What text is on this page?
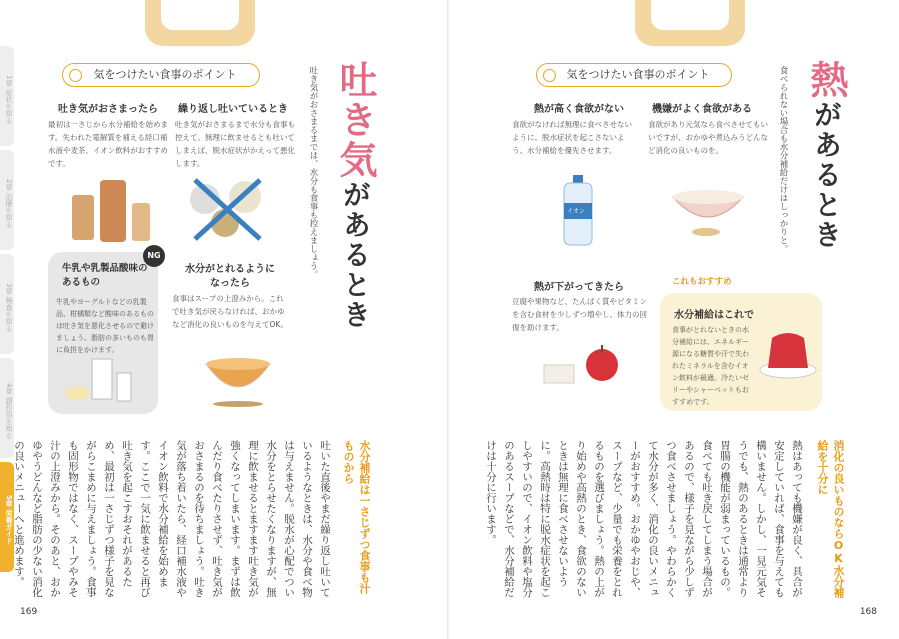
1章 症状を知る
2章 治療を知る
3章 検査を知る
4章 副作用を知る
5章 栄養ガイド
気をつけたい食事のポイント
吐き気がおさまったら
最初は一さじから水分補給を始めます。失われた電解質を補える経口補水液や麦茶、イオン飲料がおすすめです。
繰り返し吐いているとき
吐き気がおさまるまで水分も食事も控えて。無理に飲ませるとも吐いてしまえば、脱水症状がかえって悪化します。
NG
牛乳や乳製品酸味のあるもの
牛乳やヨーグルトなどの乳製品、柑橘類など酸味のあるものは吐き気を悪化させるので避けましょう。脂肪の多いものも胃に負担をかけます。
水分がとれるようになったら
食事はスープの上澄みから。これで吐き気が戻らなければ、おかゆなど消化の良いものを与えてOK。
吐き気があるとき
吐き気がおさまるまでは、水分も食事も控えましょう。
水分補給は一さじずつ食事も汁ものから
吐いた直後やまだ繰り返し吐いているようなときは、水分や食べ物は与えません。脱水が心配でつい水分をとらせたくなりますが、無理に飲ませるとますます吐き気が強くなってしまいます。まずは飲んだり食べたりさせず、吐き気がおさまるのを待ちましょう。吐き気が落ち着いたら、経口補水液やイオン飲料で水分補給を始めます。ここで一気に飲ませると再び吐き気を起こすおそれがあるため、最初は一さじずつ様子を見ながらこまめに与えましょう。食事も固形物ではなく、スープやみそ汁の上澄みから。そのあと、おかゆやうどんなど脂肪の少ない消化の良いメニューへと進めます。
169
気をつけたい食事のポイント
熱が高く食欲がない
食欲がなければ無理に食べさせないように。脱水症状を起こさないよう、水分補給を優先させます。
イオン
機嫌がよく食欲がある
食欲があり元気なら食べさせてもいいですが、おかゆや煮込みうどんなど消化の良いものを。
熱が下がってきたら
豆腐や果物など、たんぱく質やビタミンを含む食材を少しずつ増やし、体力の回復を助けます。
これもおすすめ
水分補給はこれで
食事がとれないときの水分補給には、エネルギー源になる糖質や汗で失われたミネラルを含むイオン飲料が最適。冷たいゼリーやシャーベットもおすすめです。
熱があるとき
食べられない場合も水分補給だけはしっかりと。
消化の良いものならOK水分補給を十分に
熱はあっても機嫌が良く、具合が安定していれば、食事を与えても構いません。しかし、一見元気そうでも、熱のあるときは通常より胃腸の機能が弱まっているもの。食べても吐き戻してしまう場合があるので、様子を見ながら少しずつ食べさせましょう。やわらかくて水分が多く、消化の良いメニューがおすすめ。おかゆやおじや、スープなど、少量でも栄養をとれるものを選びましょう。熱の上がり始めや高熱のとき、食欲のないときは無理に食べさせないように。高熱時は特に脱水症状を起こしやすいので、イオン飲料や塩分のあるスープなどで、水分補給だけは十分に行います。
168
